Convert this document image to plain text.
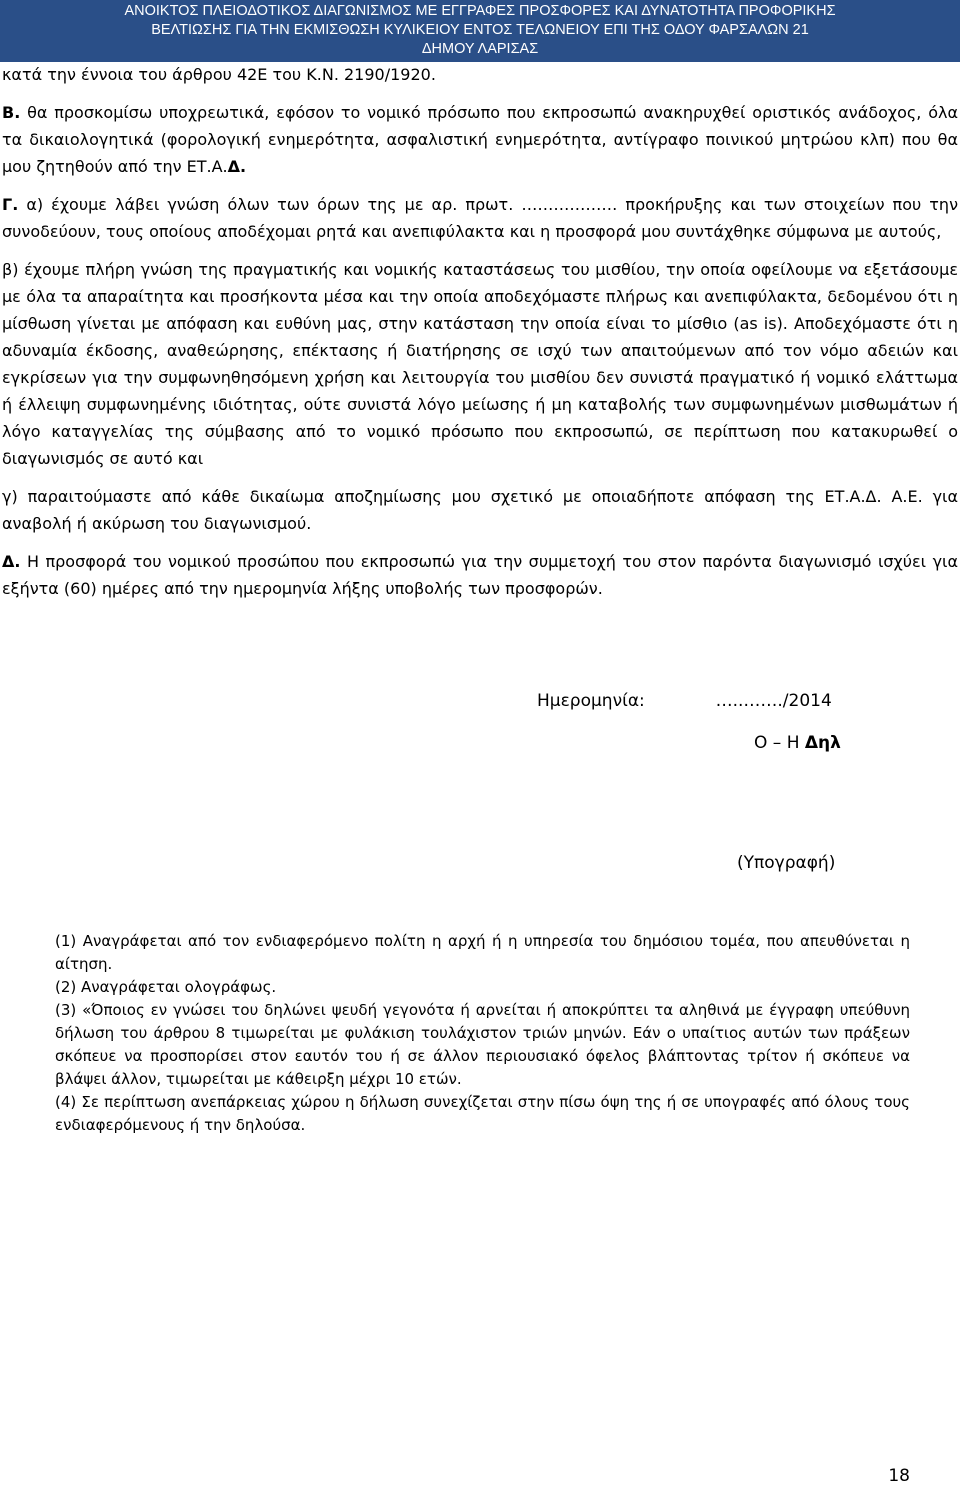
ΑΝΟΙΚΤΟΣ ΠΛΕΙΟΔΟΤΙΚΟΣ ΔΙΑΓΩΝΙΣΜΟΣ ΜΕ ΕΓΓΡΑΦΕΣ ΠΡΟΣΦΟΡΕΣ ΚΑΙ ΔΥΝΑΤΟΤΗΤΑ ΠΡΟΦΟΡΙΚΗΣ
ΒΕΛΤΙΩΣΗΣ ΓΙΑ ΤΗΝ ΕΚΜΙΣΘΩΣΗ ΚΥΛΙΚΕΙΟΥ ΕΝΤΟΣ ΤΕΛΩΝΕΙΟΥ ΕΠΙ ΤΗΣ ΟΔΟΥ ΦΑΡΣΑΛΩΝ 21
ΔΗΜΟΥ ΛΑΡΙΣΑΣ
κατά την έννοια του άρθρου 42Ε του Κ.Ν. 2190/1920.

Β. θα προσκομίσω υποχρεωτικά, εφόσον το νομικό πρόσωπο που εκπροσωπώ ανακηρυχθεί οριστικός ανάδοχος, όλα τα δικαιολογητικά (φορολογική ενημερότητα, ασφαλιστική ενημερότητα, αντίγραφο ποινικού μητρώου κλπ) που θα μου ζητηθούν από την ΕΤ.Α.Δ.

Γ. α) έχουμε λάβει γνώση όλων των όρων της με αρ. πρωτ. ……………… προκήρυξης και των στοιχείων που την συνοδεύουν, τους οποίους αποδέχομαι ρητά και ανεπιφύλακτα και η προσφορά μου συντάχθηκε σύμφωνα με αυτούς,

β) έχουμε πλήρη γνώση της πραγματικής και νομικής καταστάσεως του μισθίου, την οποία οφείλουμε να εξετάσουμε με όλα τα απαραίτητα και προσήκοντα μέσα και την οποία αποδεχόμαστε πλήρως και ανεπιφύλακτα, δεδομένου ότι η μίσθωση γίνεται με απόφαση και ευθύνη μας, στην κατάσταση την οποία είναι το μίσθιο (as is). Αποδεχόμαστε ότι η αδυναμία έκδοσης, αναθεώρησης, επέκτασης ή διατήρησης σε ισχύ των απαιτούμενων από τον νόμο αδειών και εγκρίσεων για την συμφωνηθησόμενη χρήση και λειτουργία του μισθίου δεν συνιστά πραγματικό ή νομικό ελάττωμα ή έλλειψη συμφωνημένης ιδιότητας, ούτε συνιστά λόγο μείωσης ή μη καταβολής των συμφωνημένων μισθωμάτων ή λόγο καταγγελίας της σύμβασης από το νομικό πρόσωπο που εκπροσωπώ, σε περίπτωση που κατακυρωθεί ο διαγωνισμός σε αυτό και

γ) παραιτούμαστε από κάθε δικαίωμα αποζημίωσης μου σχετικό με οποιαδήποτε απόφαση της ΕΤ.Α.Δ. Α.Ε. για αναβολή ή ακύρωση του διαγωνισμού.

Δ. Η προσφορά του νομικού προσώπου που εκπροσωπώ για την συμμετοχή του στον παρόντα διαγωνισμό ισχύει για εξήντα (60) ημέρες από την ημερομηνία λήξης υποβολής των προσφορών.

Ημερομηνία:	…..……./2014
Ο – Η Δηλ
(Υπογραφή)

(1) Αναγράφεται από τον ενδιαφερόμενο πολίτη η αρχή ή η υπηρεσία του δημόσιου τομέα, που απευθύνεται η αίτηση.

(2) Αναγράφεται ολογράφως.

(3) «Όποιος εν γνώσει του δηλώνει ψευδή γεγονότα ή αρνείται ή αποκρύπτει τα αληθινά με έγγραφη υπεύθυνη δήλωση του άρθρου 8 τιμωρείται με φυλάκιση τουλάχιστον τριών μηνών. Εάν ο υπαίτιος αυτών των πράξεων σκόπευε να προσπορίσει στον εαυτόν του ή σε άλλον περιουσιακό όφελος βλάπτοντας τρίτον ή σκόπευε να βλάψει άλλον, τιμωρείται με κάθειρξη μέχρι 10 ετών.

(4) Σε περίπτωση ανεπάρκειας χώρου η δήλωση συνεχίζεται στην πίσω όψη της ή σε υπογραφές από όλους τους ενδιαφερόμενους ή την δηλούσα.

18
